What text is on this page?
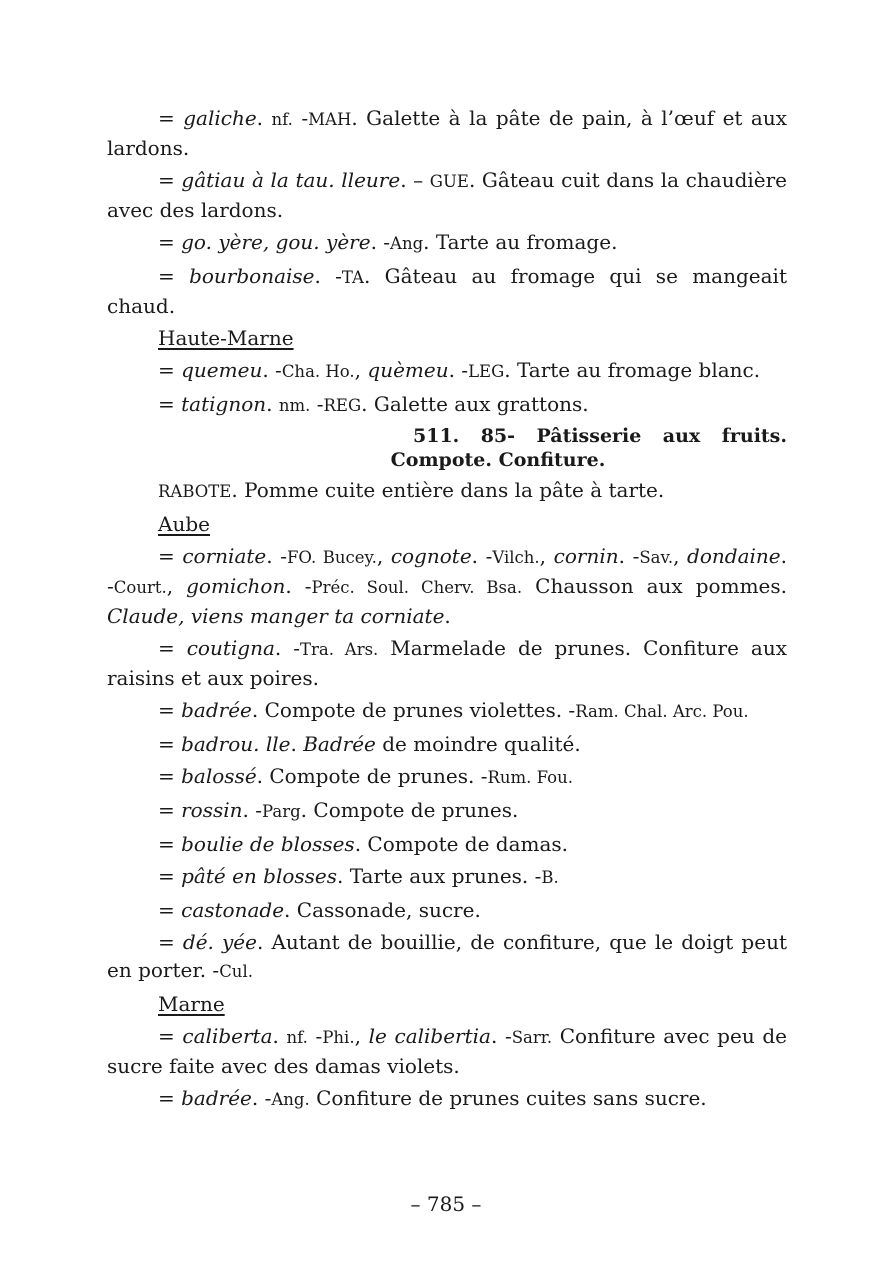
= galiche. nf. -MAH. Galette à la pâte de pain, à l’œuf et aux lardons.

= gâtiau à la tau. lleure. – GUE. Gâteau cuit dans la chaudière avec des lardons.

= go. yère, gou. yère. -Ang. Tarte au fromage.

= bourbonaise. -TA. Gâteau au fromage qui se mangeait chaud.

Haute-Marne

= quemeu. -Cha. Ho., quèmeu. -LEG. Tarte au fromage blanc.

= tatignon. nm. -REG. Galette aux grattons.

511. 85- Pâtisserie aux fruits.
Compote. Confiture.

RABOTE. Pomme cuite entière dans la pâte à tarte.

Aube

= corniate. -FO. Bucey., cognote. -Vilch., cornin. -Sav., dondaine. -Court., gomichon. -Préc. Soul. Cherv. Bsa. Chausson aux pommes. Claude, viens manger ta corniate.

= coutigna. -Tra. Ars. Marmelade de prunes. Confiture aux raisins et aux poires.

= badrée. Compote de prunes violettes. -Ram. Chal. Arc. Pou.

= badrou. lle. Badrée de moindre qualité.

= balossé. Compote de prunes. -Rum. Fou.

= rossin. -Parg. Compote de prunes.

= boulie de blosses. Compote de damas.

= pâté en blosses. Tarte aux prunes. -B.

= castonade. Cassonade, sucre.

= dé. yée. Autant de bouillie, de confiture, que le doigt peut en porter. -Cul.

Marne

= caliberta. nf. -Phi., le calibertia. -Sarr. Confiture avec peu de sucre faite avec des damas violets.

= badrée. -Ang. Confiture de prunes cuites sans sucre.

– 785 –
